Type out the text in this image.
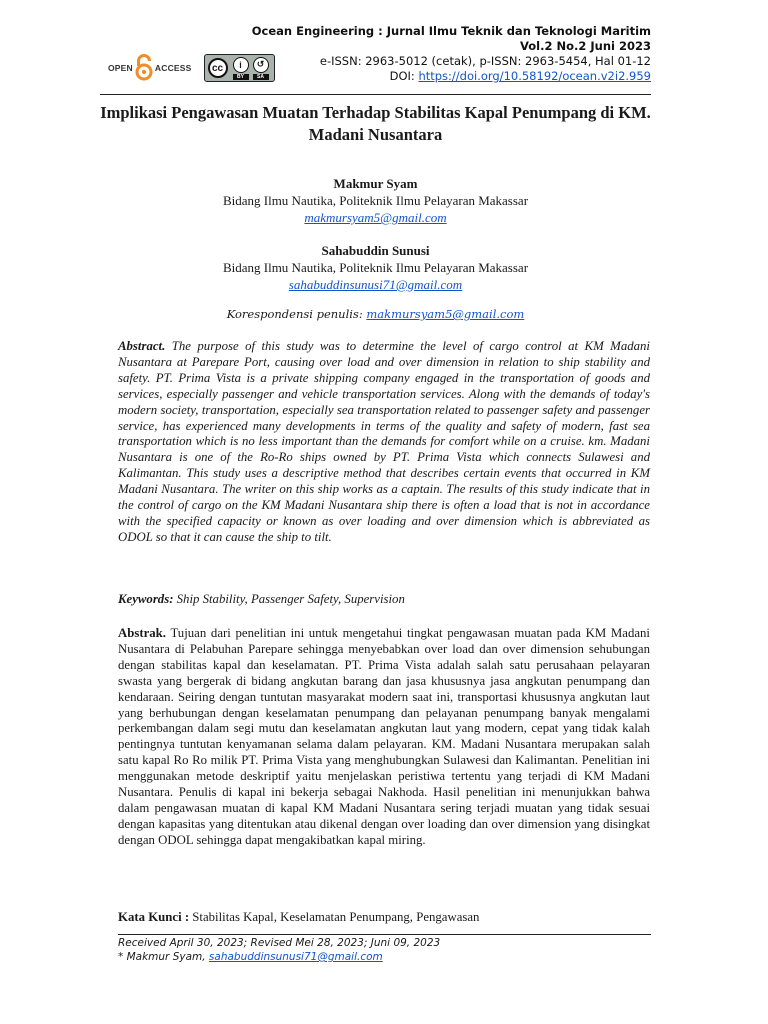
OPEN	ACCESS	cc	i
BY
↺
SA
Ocean Engineering : Jurnal Ilmu Teknik dan Teknologi Maritim
Vol.2 No.2 Juni 2023
e-ISSN: 2963-5012 (cetak), p-ISSN: 2963-5454, Hal 01-12
DOI: https://doi.org/10.58192/ocean.v2i2.959
Implikasi Pengawasan Muatan Terhadap Stabilitas Kapal Penumpang di KM. Madani Nusantara
Makmur Syam
Bidang Ilmu Nautika, Politeknik Ilmu Pelayaran Makassar
makmursyam5@gmail.com
Sahabuddin Sunusi
Bidang Ilmu Nautika, Politeknik Ilmu Pelayaran Makassar
sahabuddinsunusi71@gmail.com
Korespondensi penulis: makmursyam5@gmail.com
Abstract. The purpose of this study was to determine the level of cargo control at KM Madani Nusantara at Parepare Port, causing over load and over dimension in relation to ship stability and safety. PT. Prima Vista is a private shipping company engaged in the transportation of goods and services, especially passenger and vehicle transportation services. Along with the demands of today's modern society, transportation, especially sea transportation related to passenger safety and passenger service, has experienced many developments in terms of the quality and safety of modern, fast sea transportation which is no less important than the demands for comfort while on a cruise. km. Madani Nusantara is one of the Ro-Ro ships owned by PT. Prima Vista which connects Sulawesi and Kalimantan. This study uses a descriptive method that describes certain events that occurred in KM Madani Nusantara. The writer on this ship works as a captain. The results of this study indicate that in the control of cargo on the KM Madani Nusantara ship there is often a load that is not in accordance with the specified capacity or known as over loading and over dimension which is abbreviated as ODOL so that it can cause the ship to tilt.
Keywords: Ship Stability, Passenger Safety, Supervision
Abstrak. Tujuan dari penelitian ini untuk mengetahui tingkat pengawasan muatan pada KM Madani Nusantara di Pelabuhan Parepare sehingga menyebabkan over load dan over dimension sehubungan dengan stabilitas kapal dan keselamatan. PT. Prima Vista adalah salah satu perusahaan pelayaran swasta yang bergerak di bidang angkutan barang dan jasa khususnya jasa angkutan penumpang dan kendaraan. Seiring dengan tuntutan masyarakat modern saat ini, transportasi khususnya angkutan laut yang berhubungan dengan keselamatan penumpang dan pelayanan penumpang banyak mengalami perkembangan dalam segi mutu dan keselamatan angkutan laut yang modern, cepat yang tidak kalah pentingnya tuntutan kenyamanan selama dalam pelayaran. KM. Madani Nusantara merupakan salah satu kapal Ro Ro milik PT. Prima Vista yang menghubungkan Sulawesi dan Kalimantan. Penelitian ini menggunakan metode deskriptif yaitu menjelaskan peristiwa tertentu yang terjadi di KM Madani Nusantara. Penulis di kapal ini bekerja sebagai Nakhoda. Hasil penelitian ini menunjukkan bahwa dalam pengawasan muatan di kapal KM Madani Nusantara sering terjadi muatan yang tidak sesuai dengan kapasitas yang ditentukan atau dikenal dengan over loading dan over dimension yang disingkat dengan ODOL sehingga dapat mengakibatkan kapal miring.
Kata Kunci : Stabilitas Kapal, Keselamatan Penumpang, Pengawasan
Received April 30, 2023; Revised Mei 28, 2023; Juni 09, 2023
* Makmur Syam, sahabuddinsunusi71@gmail.com
